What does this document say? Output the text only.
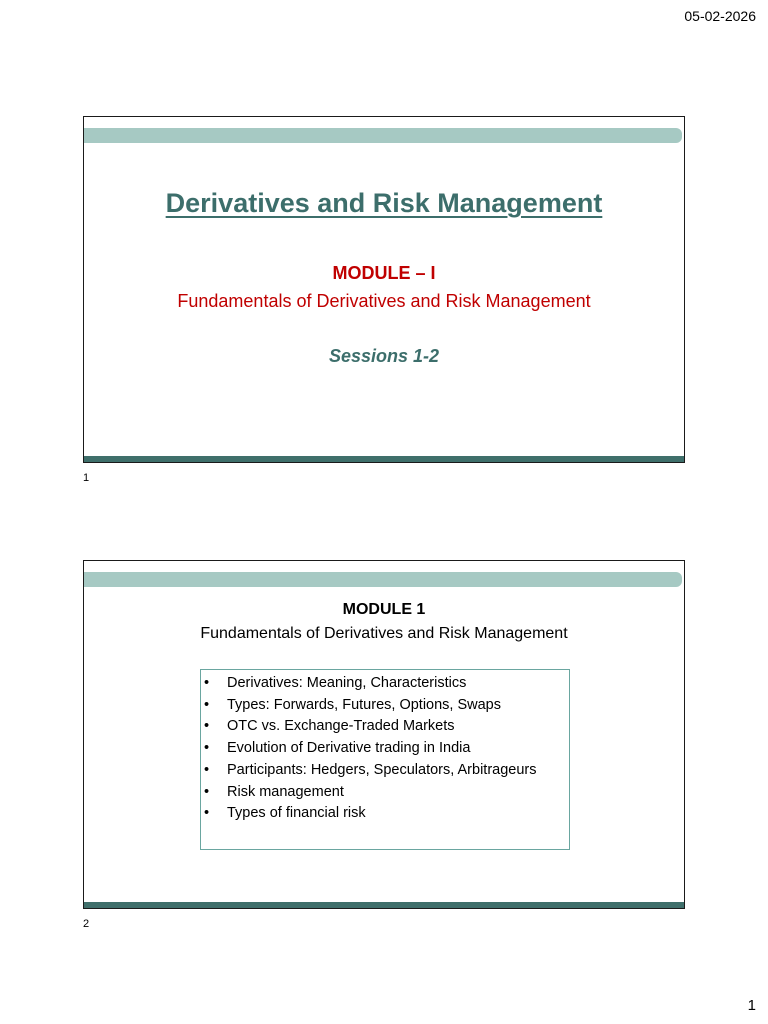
05-02-2026
Derivatives and Risk Management
MODULE – I
Fundamentals of Derivatives and Risk Management
Sessions 1-2
1
MODULE 1
Fundamentals of Derivatives and Risk Management
• Derivatives: Meaning, Characteristics
• Types: Forwards, Futures, Options, Swaps
• OTC vs. Exchange-Traded Markets
• Evolution of Derivative trading in India
• Participants: Hedgers, Speculators, Arbitrageurs
• Risk management
• Types of financial risk
2
1
